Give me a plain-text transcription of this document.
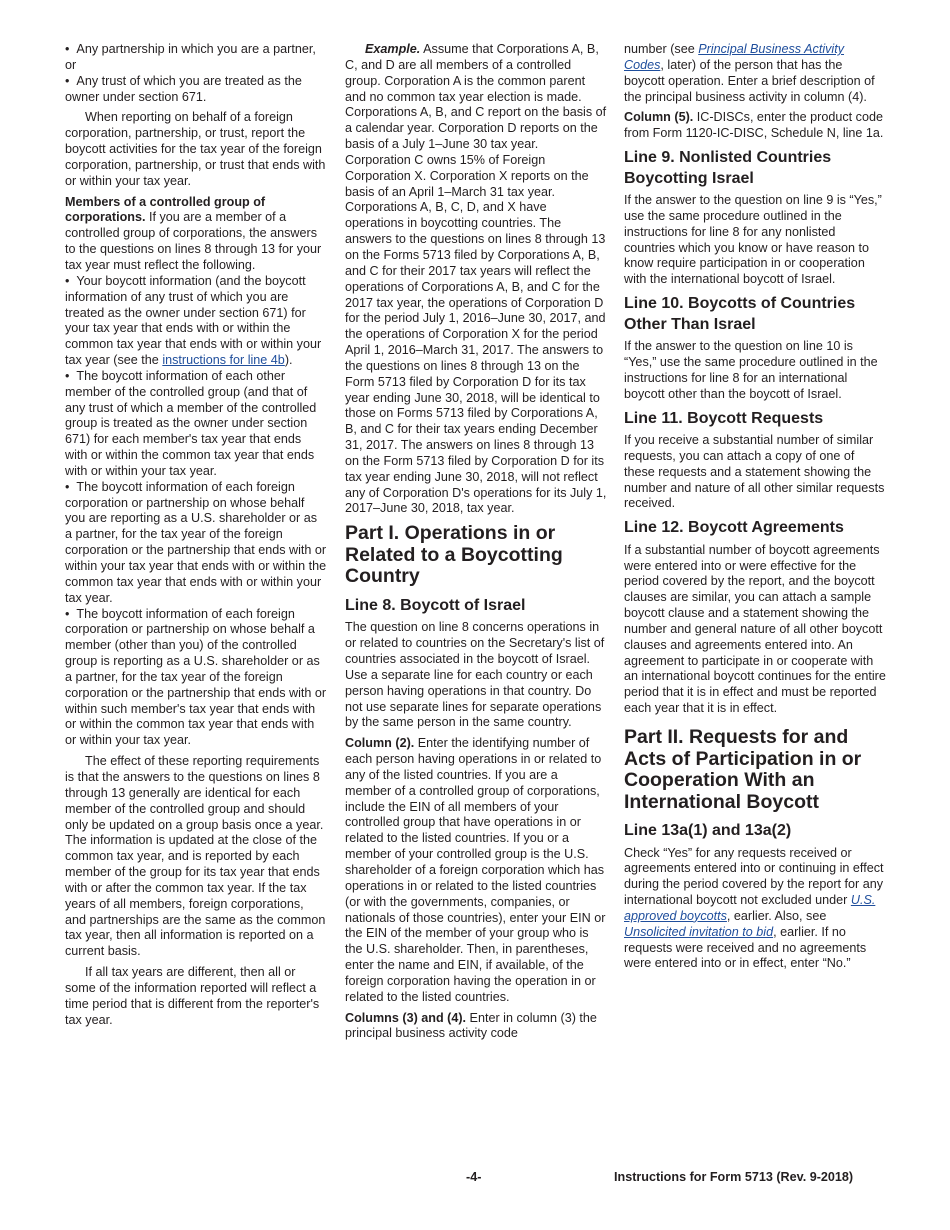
•  Any partnership in which you are a partner, or

•  Any trust of which you are treated as the owner under section 671.

When reporting on behalf of a foreign corporation, partnership, or trust, report the boycott activities for the tax year of the foreign corporation, partnership, or trust that ends with or within your tax year.

Members of a controlled group of corporations. If you are a member of a controlled group of corporations, the answers to the questions on lines 8 through 13 for your tax year must reflect the following.

•  Your boycott information (and the boycott information of any trust of which you are treated as the owner under section 671) for your tax year that ends with or within the common tax year that ends with or within your tax year (see the instructions for line 4b).

•  The boycott information of each other member of the controlled group (and that of any trust of which a member of the controlled group is treated as the owner under section 671) for each member's tax year that ends with or within the common tax year that ends with or within your tax year.

•  The boycott information of each foreign corporation or partnership on whose behalf you are reporting as a U.S. shareholder or as a partner, for the tax year of the foreign corporation or the partnership that ends with or within your tax year that ends with or within the common tax year that ends with or within your tax year.

•  The boycott information of each foreign corporation or partnership on whose behalf a member (other than you) of the controlled group is reporting as a U.S. shareholder or as a partner, for the tax year of the foreign corporation or the partnership that ends with or within such member's tax year that ends with or within the common tax year that ends with or within your tax year.

The effect of these reporting requirements is that the answers to the questions on lines 8 through 13 generally are identical for each member of the controlled group and should only be updated on a group basis once a year. The information is updated at the close of the common tax year, and is reported by each member of the group for its tax year that ends with or after the common tax year. If the tax years of all members, foreign corporations, and partnerships are the same as the common tax year, then all information is reported on a current basis.

If all tax years are different, then all or some of the information reported will reflect a time period that is different from the reporter's tax year.

Example. Assume that Corporations A, B, C, and D are all members of a controlled group. Corporation A is the common parent and no common tax year election is made. Corporations A, B, and C report on the basis of a calendar year. Corporation D reports on the basis of a July 1–June 30 tax year. Corporation C owns 15% of Foreign Corporation X. Corporation X reports on the basis of an April 1–March 31 tax year. Corporations A, B, C, D, and X have operations in boycotting countries. The answers to the questions on lines 8 through 13 on the Forms 5713 filed by Corporations A, B, and C for their 2017 tax years will reflect the operations of Corporations A, B, and C for the 2017 tax year, the operations of Corporation D for the period July 1, 2016–June 30, 2017, and the operations of Corporation X for the period April 1, 2016–March 31, 2017. The answers to the questions on lines 8 through 13 on the Form 5713 filed by Corporation D for its tax year ending June 30, 2018, will be identical to those on Forms 5713 filed by Corporations A, B, and C for their tax years ending December 31, 2017. The answers on lines 8 through 13 on the Form 5713 filed by Corporation D for its tax year ending June 30, 2018, will not reflect any of Corporation D's operations for its July 1, 2017–June 30, 2018, tax year.

Part I. Operations in or Related to a Boycotting Country
Line 8. Boycott of Israel

The question on line 8 concerns operations in or related to countries on the Secretary's list of countries associated in the boycott of Israel. Use a separate line for each country or each person having operations in that country. Do not use separate lines for separate operations by the same person in the same country.

Column (2). Enter the identifying number of each person having operations in or related to any of the listed countries. If you are a member of a controlled group of corporations, include the EIN of all members of your controlled group that have operations in or related to the listed countries. If you or a member of your controlled group is the U.S. shareholder of a foreign corporation which has operations in or related to the listed countries (or with the governments, companies, or nationals of those countries), enter your EIN or the EIN of the member of your group who is the U.S. shareholder. Then, in parentheses, enter the name and EIN, if available, of the foreign corporation having the operation in or related to the listed countries.

Columns (3) and (4). Enter in column (3) the principal business activity code

number (see Principal Business Activity Codes, later) of the person that has the boycott operation. Enter a brief description of the principal business activity in column (4).

Column (5). IC-DISCs, enter the product code from Form 1120-IC-DISC, Schedule N, line 1a.

Line 9. Nonlisted Countries Boycotting Israel

If the answer to the question on line 9 is “Yes,” use the same procedure outlined in the instructions for line 8 for any nonlisted countries which you know or have reason to know require participation in or cooperation with the international boycott of Israel.

Line 10. Boycotts of Countries Other Than Israel

If the answer to the question on line 10 is “Yes,” use the same procedure outlined in the instructions for line 8 for an international boycott other than the boycott of Israel.

Line 11. Boycott Requests

If you receive a substantial number of similar requests, you can attach a copy of one of these requests and a statement showing the number and nature of all other similar requests received.

Line 12. Boycott Agreements

If a substantial number of boycott agreements were entered into or were effective for the period covered by the report, and the boycott clauses are similar, you can attach a sample boycott clause and a statement showing the number and general nature of all other boycott clauses and agreements entered into. An agreement to participate in or cooperate with an international boycott continues for the entire period that it is in effect and must be reported each year that it is in effect.

Part II. Requests for and Acts of Participation in or Cooperation With an International Boycott
Line 13a(1) and 13a(2)

Check “Yes” for any requests received or agreements entered into or continuing in effect during the period covered by the report for any international boycott not excluded under U.S. approved boycotts, earlier. Also, see Unsolicited invitation to bid, earlier. If no requests were received and no agreements were entered into or in effect, enter “No.”

-4-	Instructions for Form 5713 (Rev. 9-2018)
